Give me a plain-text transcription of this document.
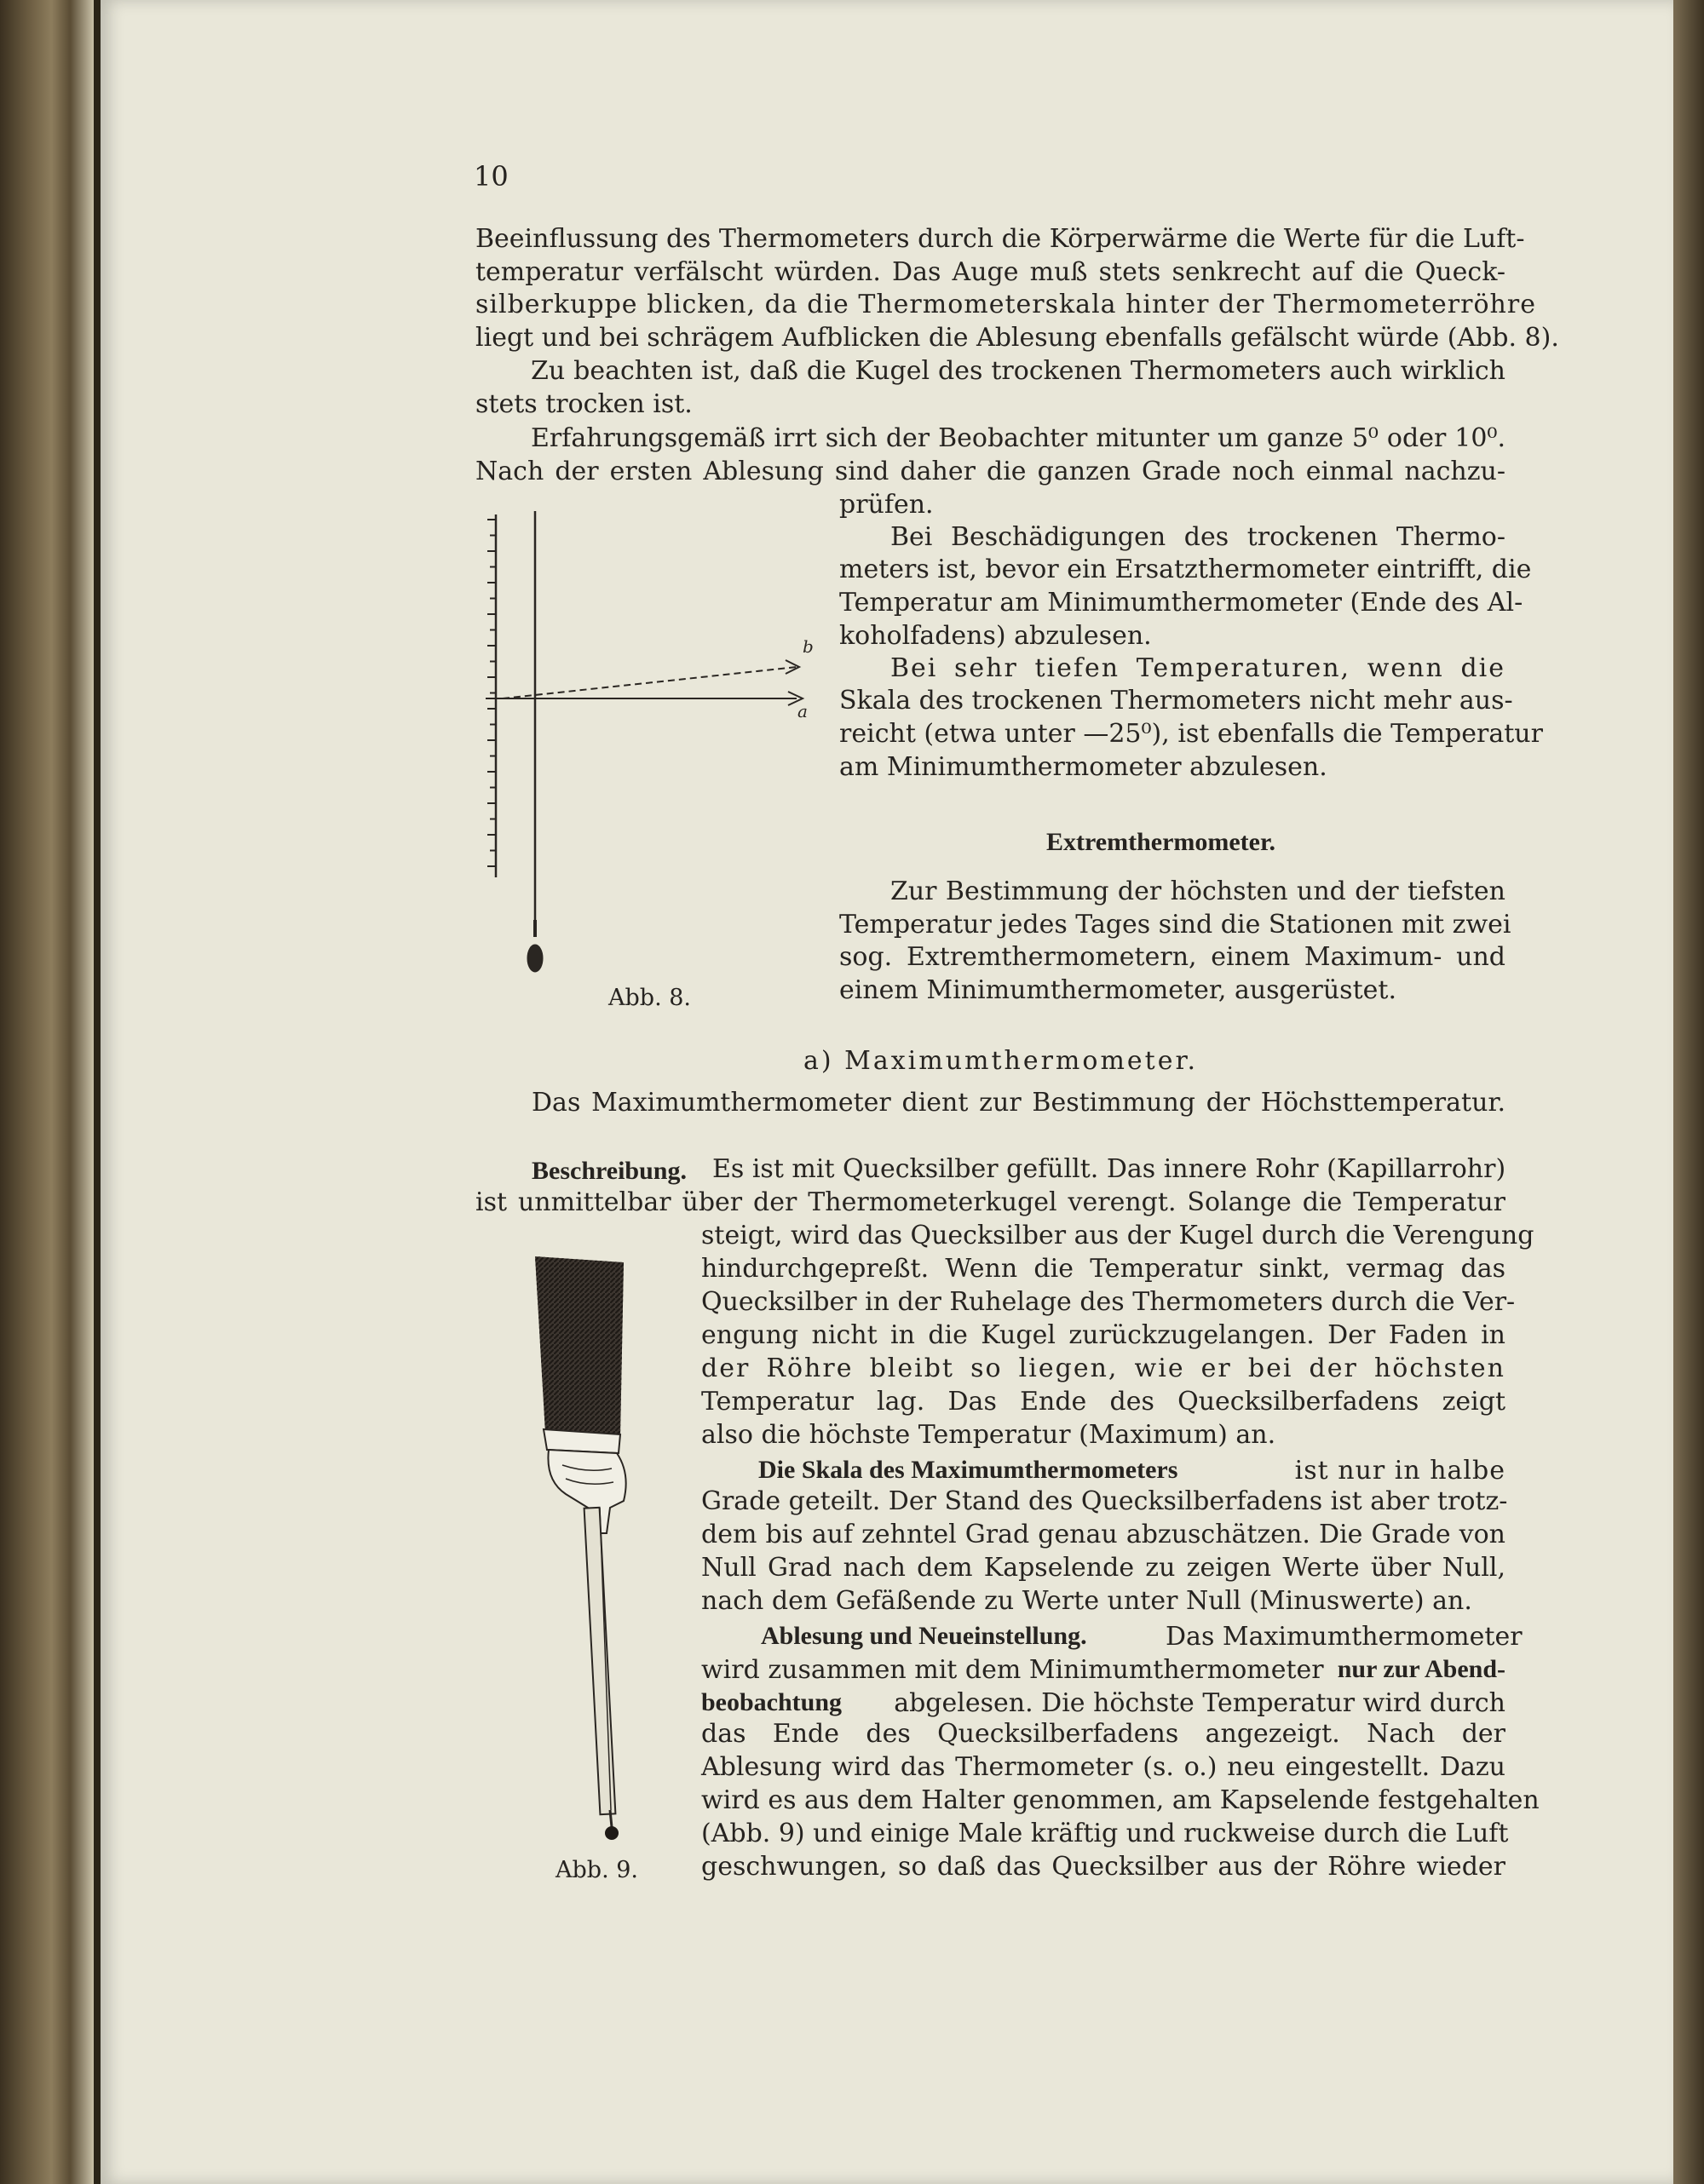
10
Beeinflussung des Thermometers durch die Körperwärme die Werte für die Luft-
temperatur verfälscht würden. Das Auge muß stets senkrecht auf die Queck-
silberkuppe blicken, da die Thermometerskala hinter der Thermometerröhre
liegt und bei schrägem Aufblicken die Ablesung ebenfalls gefälscht würde (Abb. 8).
Zu beachten ist, daß die Kugel des trockenen Thermometers auch wirklich
stets trocken ist.
Erfahrungsgemäß irrt sich der Beobachter mitunter um ganze 5⁰ oder 10⁰.
Nach der ersten Ablesung sind daher die ganzen Grade noch einmal nachzu-
prüfen.
Bei Beschädigungen des trockenen Thermo-
meters ist, bevor ein Ersatzthermometer eintrifft, die
Temperatur am Minimumthermometer (Ende des Al-
koholfadens) abzulesen.
Bei sehr tiefen Temperaturen, wenn die
Skala des trockenen Thermometers nicht mehr aus-
reicht (etwa unter —25⁰), ist ebenfalls die Temperatur
am Minimumthermometer abzulesen.
Extremthermometer.
Zur Bestimmung der höchsten und der tiefsten
Temperatur jedes Tages sind die Stationen mit zwei
sog. Extremthermometern, einem Maximum- und
einem Minimumthermometer, ausgerüstet.
Abb. 8.
a) Maximumthermometer.
Das Maximumthermometer dient zur Bestimmung der Höchsttemperatur.
Beschreibung. Es ist mit Quecksilber gefüllt. Das innere Rohr (Kapillarrohr)
ist unmittelbar über der Thermometerkugel verengt. Solange die Temperatur
steigt, wird das Quecksilber aus der Kugel durch die Verengung
hindurchgepreßt. Wenn die Temperatur sinkt, vermag das
Quecksilber in der Ruhelage des Thermometers durch die Ver-
engung nicht in die Kugel zurückzugelangen. Der Faden in
der Röhre bleibt so liegen, wie er bei der höchsten
Temperatur lag. Das Ende des Quecksilberfadens zeigt
also die höchste Temperatur (Maximum) an.
Die Skala des Maximumthermometers	ist nur in halbe
Grade geteilt. Der Stand des Quecksilberfadens ist aber trotz-
dem bis auf zehntel Grad genau abzuschätzen. Die Grade von
Null Grad nach dem Kapselende zu zeigen Werte über Null,
nach dem Gefäßende zu Werte unter Null (Minuswerte) an.
Ablesung und Neueinstellung.	Das Maximumthermometer
wird zusammen mit dem Minimumthermometer nur zur Abend-
beobachtung	abgelesen. Die höchste Temperatur wird durch
das Ende des Quecksilberfadens angezeigt. Nach der
Ablesung wird das Thermometer (s. o.) neu eingestellt. Dazu
wird es aus dem Halter genommen, am Kapselende festgehalten
(Abb. 9) und einige Male kräftig und ruckweise durch die Luft
geschwungen, so daß das Quecksilber aus der Röhre wieder
Abb. 9.
b
a
